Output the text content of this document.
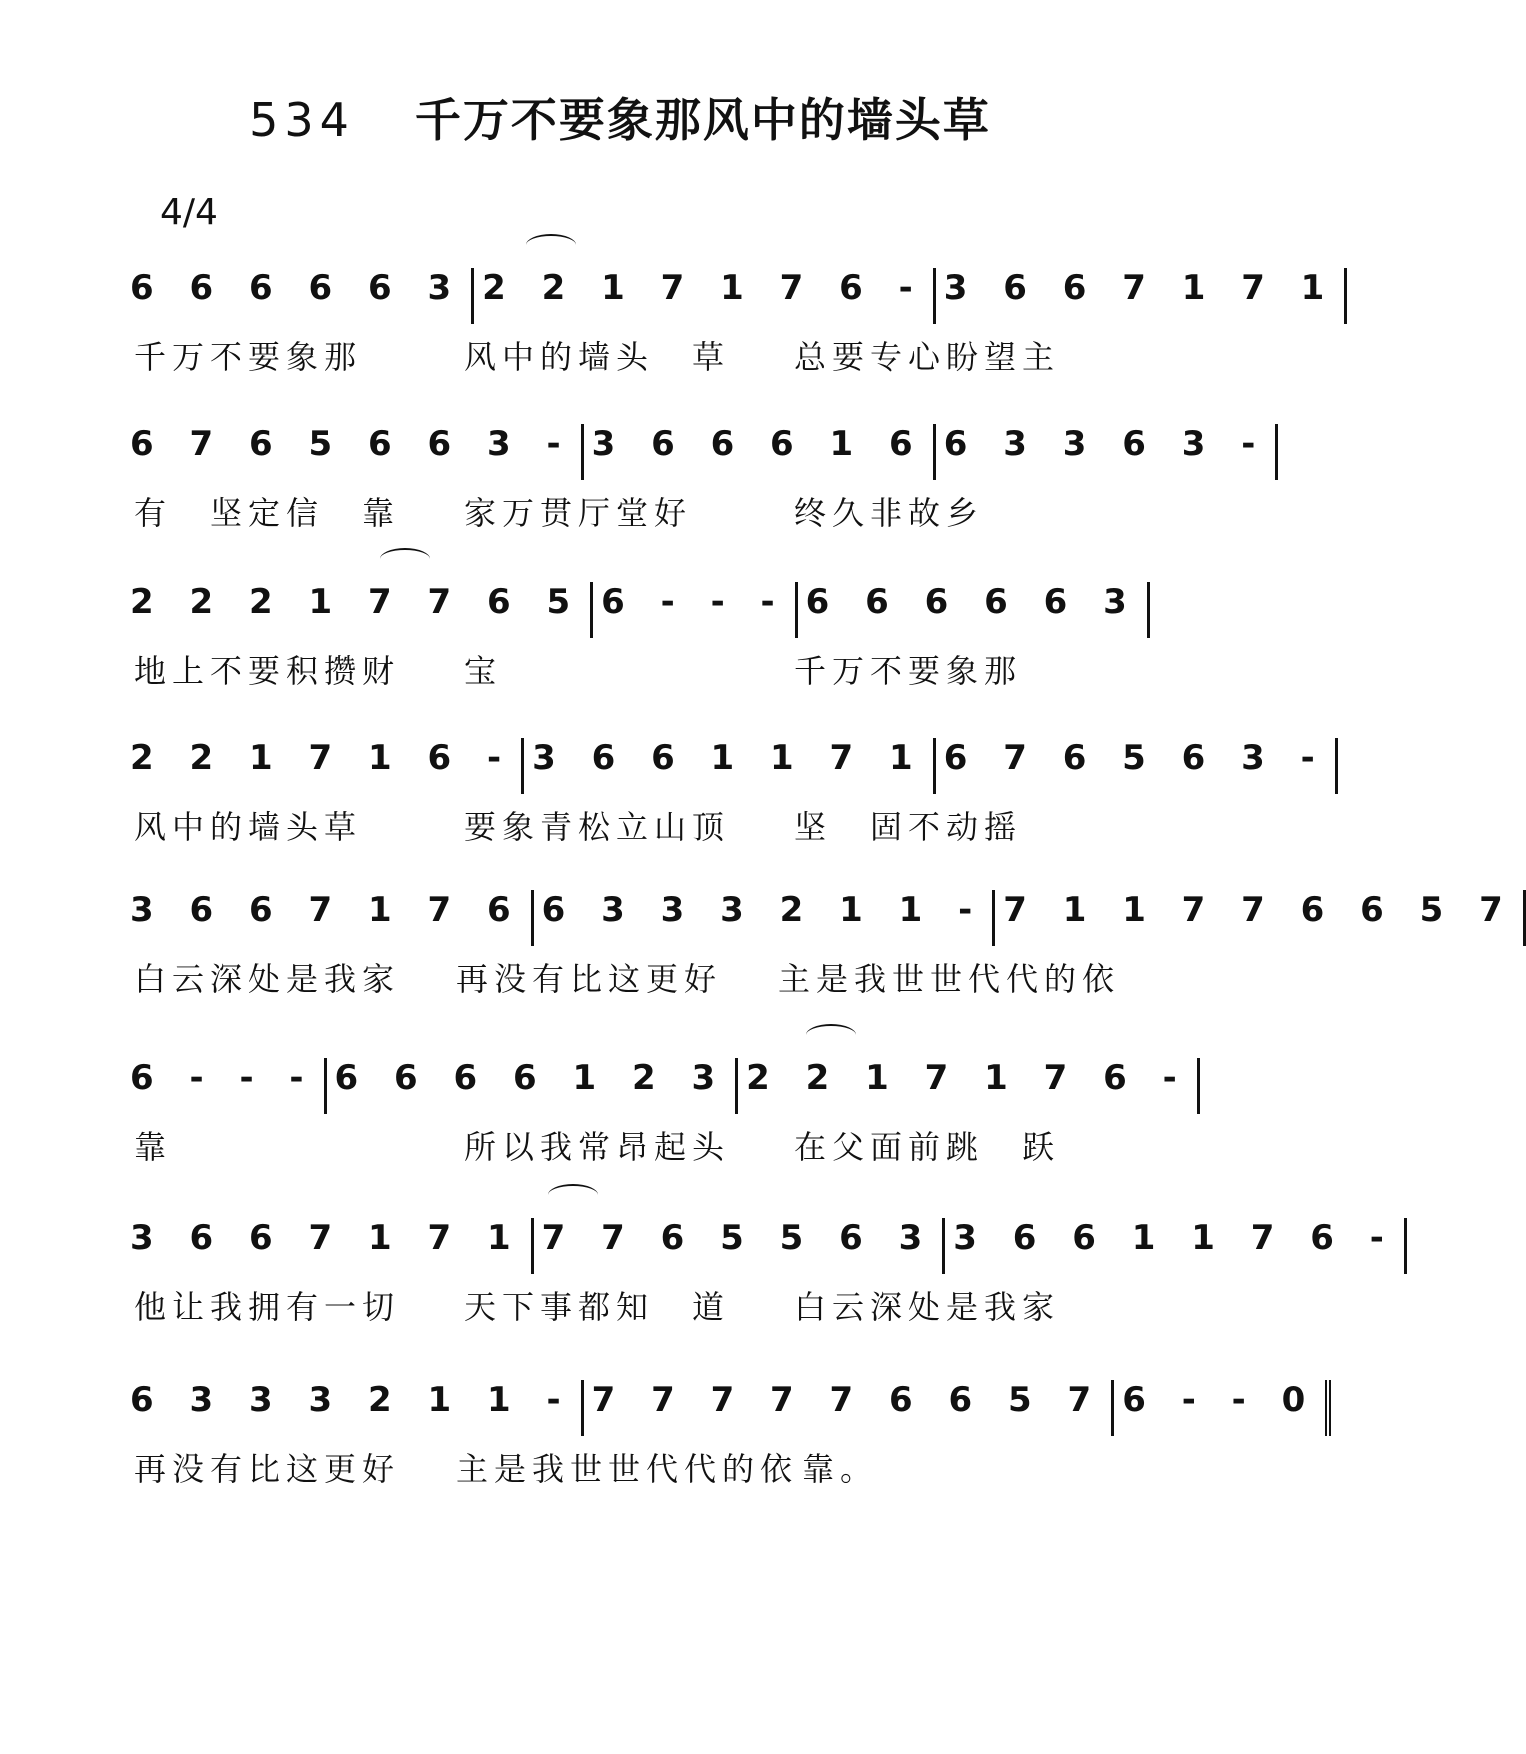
534 千万不要象那风中的墙头草
4/4
6 6 6 6 6 3 2 2 1 7 1 7 6 - 3 6 6 7 1 7 1
千万不要象那	风中的墙头　草	总要专心盼望主
6 7 6 5 6 6 3 - 3 6 6 6 1 6 6 3 3 6 3 -
有　坚定信　靠	家万贯厅堂好	终久非故乡
2 2 2 1 7 7 6 5 6 - - - 6 6 6 6 6 3
地上不要积攒财	宝	千万不要象那
2 2 1 7 1 6 - 3 6 6 1 1 7 1 6 7 6 5 6 3 -
风中的墙头草	要象青松立山顶	坚　固不动摇
3 6 6 7 1 7 6 6 3 3 3 2 1 1 - 7 1 1 7 7 6 6 5 7
白云深处是我家	再没有比这更好	主是我世世代代的依
6 - - - 6 6 6 6 1 2 3 2 2 1 7 1 7 6 -
靠	所以我常昂起头	在父面前跳　跃
3 6 6 7 1 7 1 7 7 6 5 5 6 3 3 6 6 1 1 7 6 -
他让我拥有一切	天下事都知　道	白云深处是我家
6 3 3 3 2 1 1 - 7 7 7 7 7 6 6 5 7 6 - - 0
再没有比这更好	主是我世世代代的依 靠。
